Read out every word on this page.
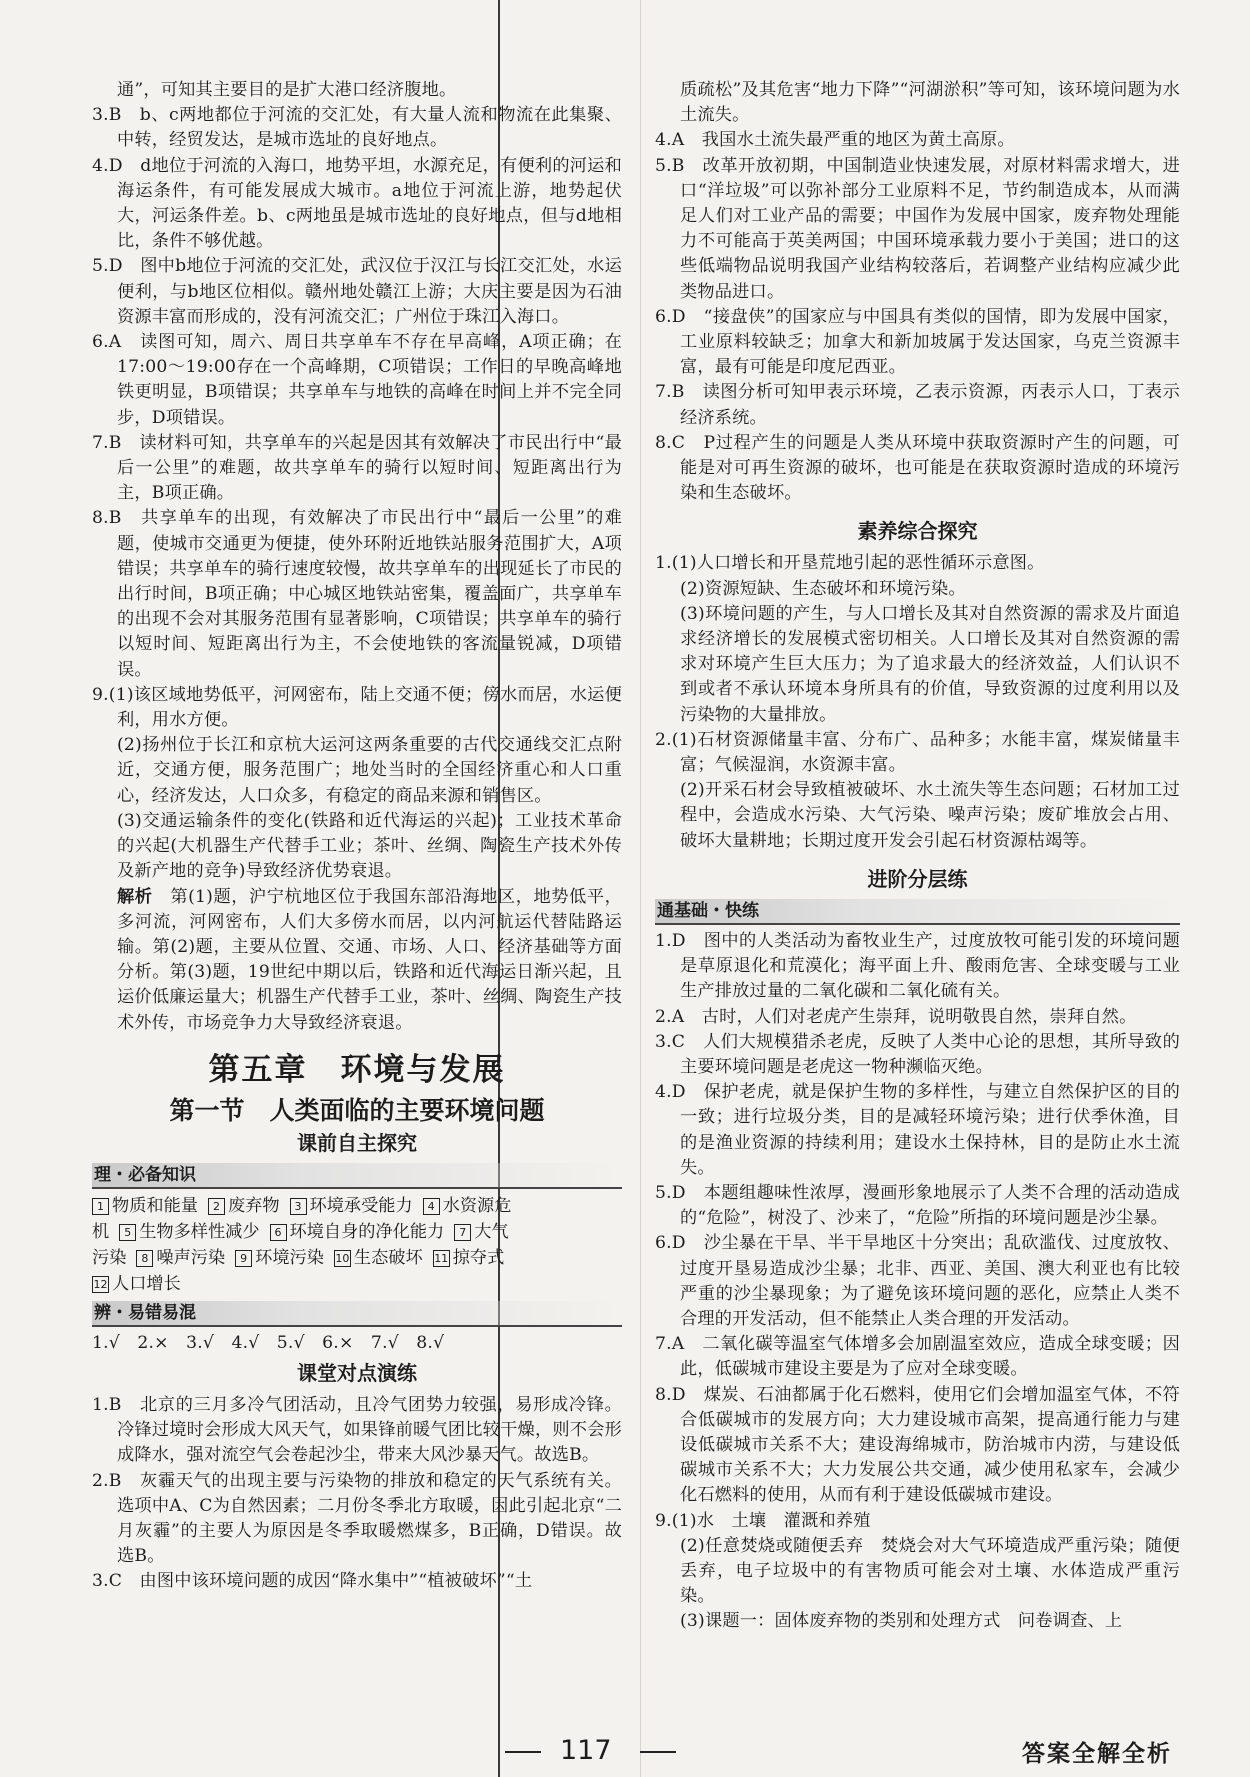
通”，可知其主要目的是扩大港口经济腹地。

3.B　b、c两地都位于河流的交汇处，有大量人流和物流在此集聚、中转，经贸发达，是城市选址的良好地点。

4.D　d地位于河流的入海口，地势平坦，水源充足，有便利的河运和海运条件，有可能发展成大城市。a地位于河流上游，地势起伏大，河运条件差。b、c两地虽是城市选址的良好地点，但与d地相比，条件不够优越。

5.D　图中b地位于河流的交汇处，武汉位于汉江与长江交汇处，水运便利，与b地区位相似。赣州地处赣江上游；大庆主要是因为石油资源丰富而形成的，没有河流交汇；广州位于珠江入海口。

6.A　读图可知，周六、周日共享单车不存在早高峰，A项正确；在17:00～19:00存在一个高峰期，C项错误；工作日的早晚高峰地铁更明显，B项错误；共享单车与地铁的高峰在时间上并不完全同步，D项错误。

7.B　读材料可知，共享单车的兴起是因其有效解决了市民出行中“最后一公里”的难题，故共享单车的骑行以短时间、短距离出行为主，B项正确。

8.B　共享单车的出现，有效解决了市民出行中“最后一公里”的难题，使城市交通更为便捷，使外环附近地铁站服务范围扩大，A项错误；共享单车的骑行速度较慢，故共享单车的出现延长了市民的出行时间，B项正确；中心城区地铁站密集，覆盖面广，共享单车的出现不会对其服务范围有显著影响，C项错误；共享单车的骑行以短时间、短距离出行为主，不会使地铁的客流量锐减，D项错误。

9.(1)该区域地势低平，河网密布，陆上交通不便；傍水而居，水运便利，用水方便。

(2)扬州位于长江和京杭大运河这两条重要的古代交通线交汇点附近，交通方便，服务范围广；地处当时的全国经济重心和人口重心，经济发达，人口众多，有稳定的商品来源和销售区。

(3)交通运输条件的变化(铁路和近代海运的兴起)；工业技术革命的兴起(大机器生产代替手工业；茶叶、丝绸、陶瓷生产技术外传及新产地的竞争)导致经济优势衰退。

解析　第(1)题，沪宁杭地区位于我国东部沿海地区，地势低平，多河流，河网密布，人们大多傍水而居，以内河航运代替陆路运输。第(2)题，主要从位置、交通、市场、人口、经济基础等方面分析。第(3)题，19世纪中期以后，铁路和近代海运日渐兴起，且运价低廉运量大；机器生产代替手工业，茶叶、丝绸、陶瓷生产技术外传，市场竞争力大导致经济衰退。

第五章　环境与发展
第一节　人类面临的主要环境问题
课前自主探究
理・必备知识

1 物质和能量 2 废弃物 3 环境承受能力 4 水资源危

机 5 生物多样性减少 6 环境自身的净化能力 7 大气

污染 8 噪声污染 9 环境污染 10 生态破坏 11 掠夺式

12 人口增长

辨・易错易混

1.√　2.×　3.√　4.√　5.√　6.×　7.√　8.√

课堂对点演练

1.B　北京的三月多冷气团活动，且冷气团势力较强，易形成冷锋。冷锋过境时会形成大风天气，如果锋前暖气团比较干燥，则不会形成降水，强对流空气会卷起沙尘，带来大风沙暴天气。故选B。

2.B　灰霾天气的出现主要与污染物的排放和稳定的天气系统有关。选项中A、C为自然因素；二月份冬季北方取暖，因此引起北京“二月灰霾”的主要人为原因是冬季取暖燃煤多，B正确，D错误。故选B。

3.C　由图中该环境问题的成因“降水集中”“植被破坏”“土

质疏松”及其危害“地力下降”“河湖淤积”等可知，该环境问题为水土流失。

4.A　我国水土流失最严重的地区为黄土高原。

5.B　改革开放初期，中国制造业快速发展，对原材料需求增大，进口“洋垃圾”可以弥补部分工业原料不足，节约制造成本，从而满足人们对工业产品的需要；中国作为发展中国家，废弃物处理能力不可能高于英美两国；中国环境承载力要小于美国；进口的这些低端物品说明我国产业结构较落后，若调整产业结构应减少此类物品进口。

6.D　“接盘侠”的国家应与中国具有类似的国情，即为发展中国家，工业原料较缺乏；加拿大和新加坡属于发达国家，乌克兰资源丰富，最有可能是印度尼西亚。

7.B　读图分析可知甲表示环境，乙表示资源，丙表示人口，丁表示经济系统。

8.C　P过程产生的问题是人类从环境中获取资源时产生的问题，可能是对可再生资源的破坏，也可能是在获取资源时造成的环境污染和生态破坏。

素养综合探究

1.(1)人口增长和开垦荒地引起的恶性循环示意图。

(2)资源短缺、生态破坏和环境污染。

(3)环境问题的产生，与人口增长及其对自然资源的需求及片面追求经济增长的发展模式密切相关。人口增长及其对自然资源的需求对环境产生巨大压力；为了追求最大的经济效益，人们认识不到或者不承认环境本身所具有的价值，导致资源的过度利用以及污染物的大量排放。

2.(1)石材资源储量丰富、分布广、品种多；水能丰富，煤炭储量丰富；气候湿润，水资源丰富。

(2)开采石材会导致植被破坏、水土流失等生态问题；石材加工过程中，会造成水污染、大气污染、噪声污染；废矿堆放会占用、破坏大量耕地；长期过度开发会引起石材资源枯竭等。

进阶分层练
通基础・快练

1.D　图中的人类活动为畜牧业生产，过度放牧可能引发的环境问题是草原退化和荒漠化；海平面上升、酸雨危害、全球变暖与工业生产排放过量的二氧化碳和二氧化硫有关。

2.A　古时，人们对老虎产生崇拜，说明敬畏自然，崇拜自然。

3.C　人们大规模猎杀老虎，反映了人类中心论的思想，其所导致的主要环境问题是老虎这一物种濒临灭绝。

4.D　保护老虎，就是保护生物的多样性，与建立自然保护区的目的一致；进行垃圾分类，目的是减轻环境污染；进行伏季休渔，目的是渔业资源的持续利用；建设水土保持林，目的是防止水土流失。

5.D　本题组趣味性浓厚，漫画形象地展示了人类不合理的活动造成的“危险”，树没了、沙来了，“危险”所指的环境问题是沙尘暴。

6.D　沙尘暴在干旱、半干旱地区十分突出；乱砍滥伐、过度放牧、过度开垦易造成沙尘暴；北非、西亚、美国、澳大利亚也有比较严重的沙尘暴现象；为了避免该环境问题的恶化，应禁止人类不合理的开发活动，但不能禁止人类合理的开发活动。

7.A　二氧化碳等温室气体增多会加剧温室效应，造成全球变暖；因此，低碳城市建设主要是为了应对全球变暖。

8.D　煤炭、石油都属于化石燃料，使用它们会增加温室气体，不符合低碳城市的发展方向；大力建设城市高架，提高通行能力与建设低碳城市关系不大；建设海绵城市，防治城市内涝，与建设低碳城市关系不大；大力发展公共交通，减少使用私家车，会减少化石燃料的使用，从而有利于建设低碳城市建设。

9.(1)水　土壤　灌溉和养殖

(2)任意焚烧或随便丢弃　焚烧会对大气环境造成严重污染；随便丢弃，电子垃圾中的有害物质可能会对土壤、水体造成严重污染。

(3)课题一：固体废弃物的类别和处理方式　问卷调查、上

117	答案全解全析
